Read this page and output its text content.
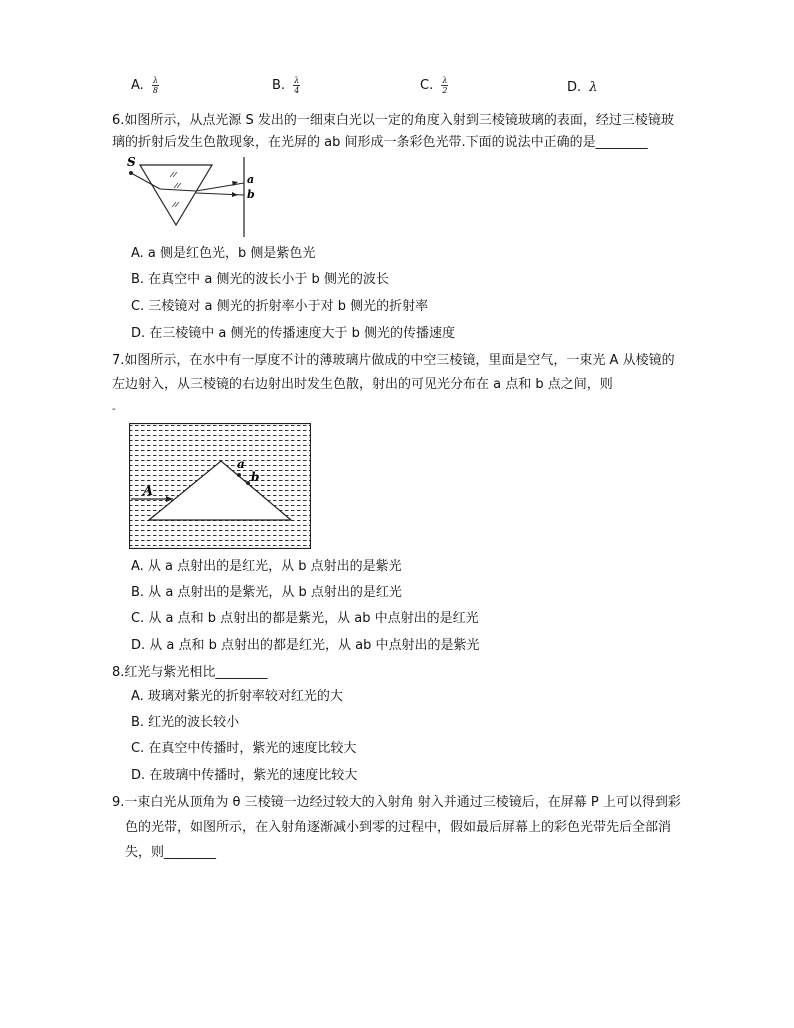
A. $\frac{\lambda}{8}$	B. $\frac{\lambda}{4}$	C. $\frac{\lambda}{2}$	D. λ
6.如图所示，从点光源 S 发出的一细束白光以一定的角度入射到三棱镜玻璃的表面，经过三棱镜玻
璃的折射后发生色散现象，在光屏的 ab 间形成一条彩色光带.下面的说法中正确的是________
S
a
b
A. a 侧是红色光，b 侧是紫色光
B. 在真空中 a 侧光的波长小于 b 侧光的波长
C. 三棱镜对 a 侧光的折射率小于对 b 侧光的折射率
D. 在三棱镜中 a 侧光的传播速度大于 b 侧光的传播速度
7.如图所示，在水中有一厚度不计的薄玻璃片做成的中空三棱镜，里面是空气，一束光 A 从棱镜的
左边射入，从三棱镜的右边射出时发生色散，射出的可见光分布在 a 点和 b 点之间，则
-
A
a
b
A. 从 a 点射出的是红光，从 b 点射出的是紫光
B. 从 a 点射出的是紫光，从 b 点射出的是红光
C. 从 a 点和 b 点射出的都是紫光，从 ab 中点射出的是红光
D. 从 a 点和 b 点射出的都是红光，从 ab 中点射出的是紫光
8.红光与紫光相比________
A. 玻璃对紫光的折射率较对红光的大
B. 红光的波长较小
C. 在真空中传播时，紫光的速度比较大
D. 在玻璃中传播时，紫光的速度比较大
9.一束白光从顶角为 θ 三棱镜一边经过较大的入射角 射入并通过三棱镜后，在屏幕 P 上可以得到彩
色的光带，如图所示，在入射角逐渐减小到零的过程中，假如最后屏幕上的彩色光带先后全部消
失，则________
